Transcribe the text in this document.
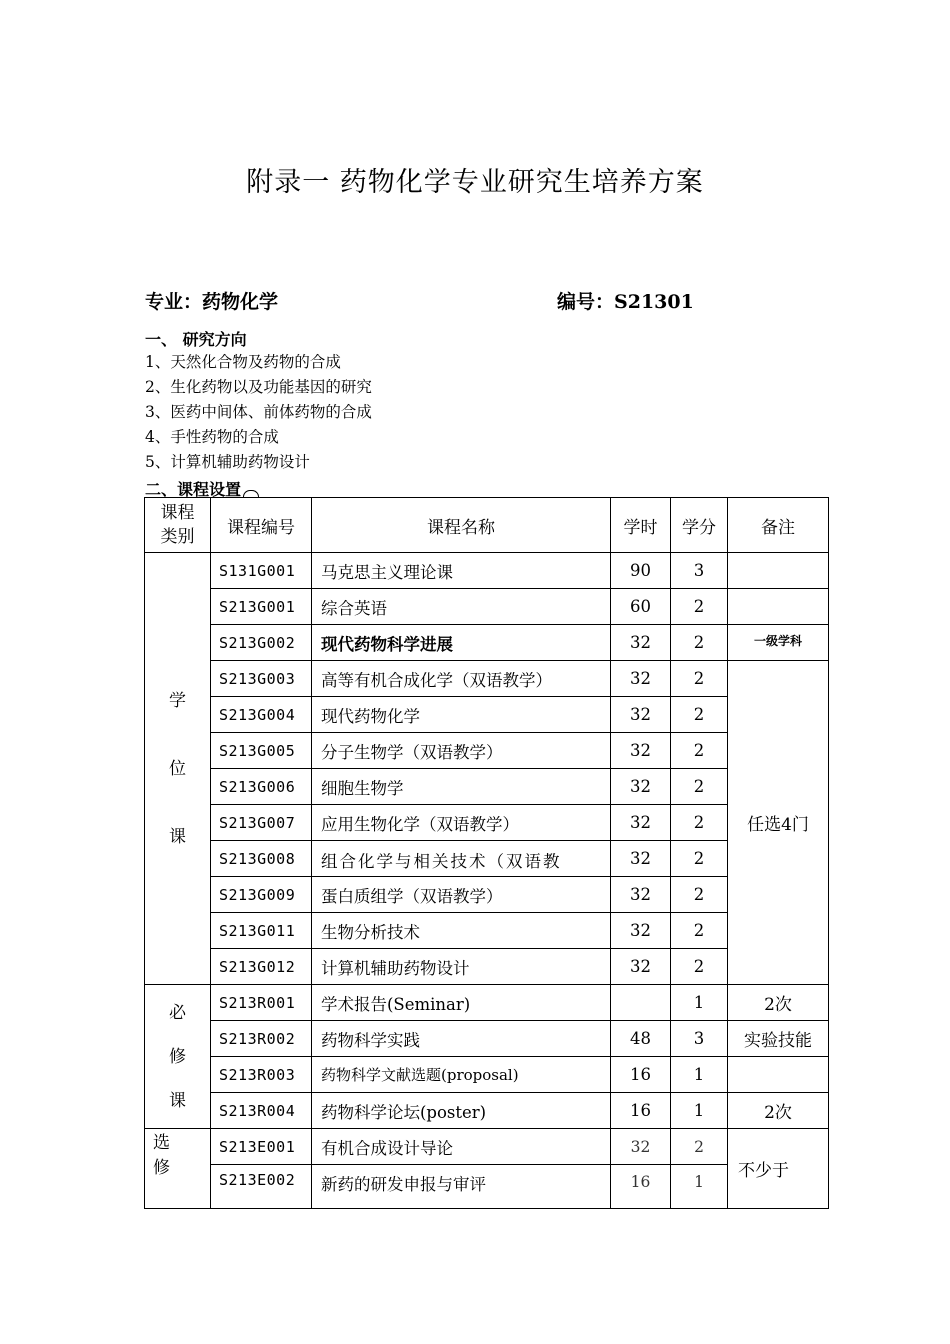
附录一 药物化学专业研究生培养方案
专业：药物化学	编号：S21301
一、 研究方向
1、天然化合物及药物的合成
2、生化药物以及功能基因的研究
3、医药中间体、前体药物的合成
4、手性药物的合成
5、计算机辅助药物设计
二、课程设置
课程类别	课程编号	课程名称	学时	学分	备注

学
位
课	S131G001	马克思主义理论课	90	3	
	S213G001	综合英语	60	2	
	S213G002	现代药物科学进展	32	2	一级学科

	S213G003	高等有机合成化学（双语教学）	32	2	任选4门
	S213G004	现代药物化学	32	2	
	S213G005	分子生物学（双语教学）	32	2	
	S213G006	细胞生物学	32	2	
	S213G007	应用生物化学（双语教学）	32	2	
	S213G008	组合化学与相关技术（双语教	32	2	
	S213G009	蛋白质组学（双语教学）	32	2	
	S213G011	生物分析技术	32	2	
	S213G012	计算机辅助药物设计	32	2	

必
修
课	S213R001	学术报告(Seminar)		1	2次
	S213R002	药物科学实践	48	3	实验技能
	S213R003	药物科学文献选题(proposal)	16	1	
	S213R004	药物科学论坛(poster)	16	1	2次

选修	S213E001	有机合成设计导论	32	2	不少于
	S213E002	新药的研发申报与审评	16	1	
